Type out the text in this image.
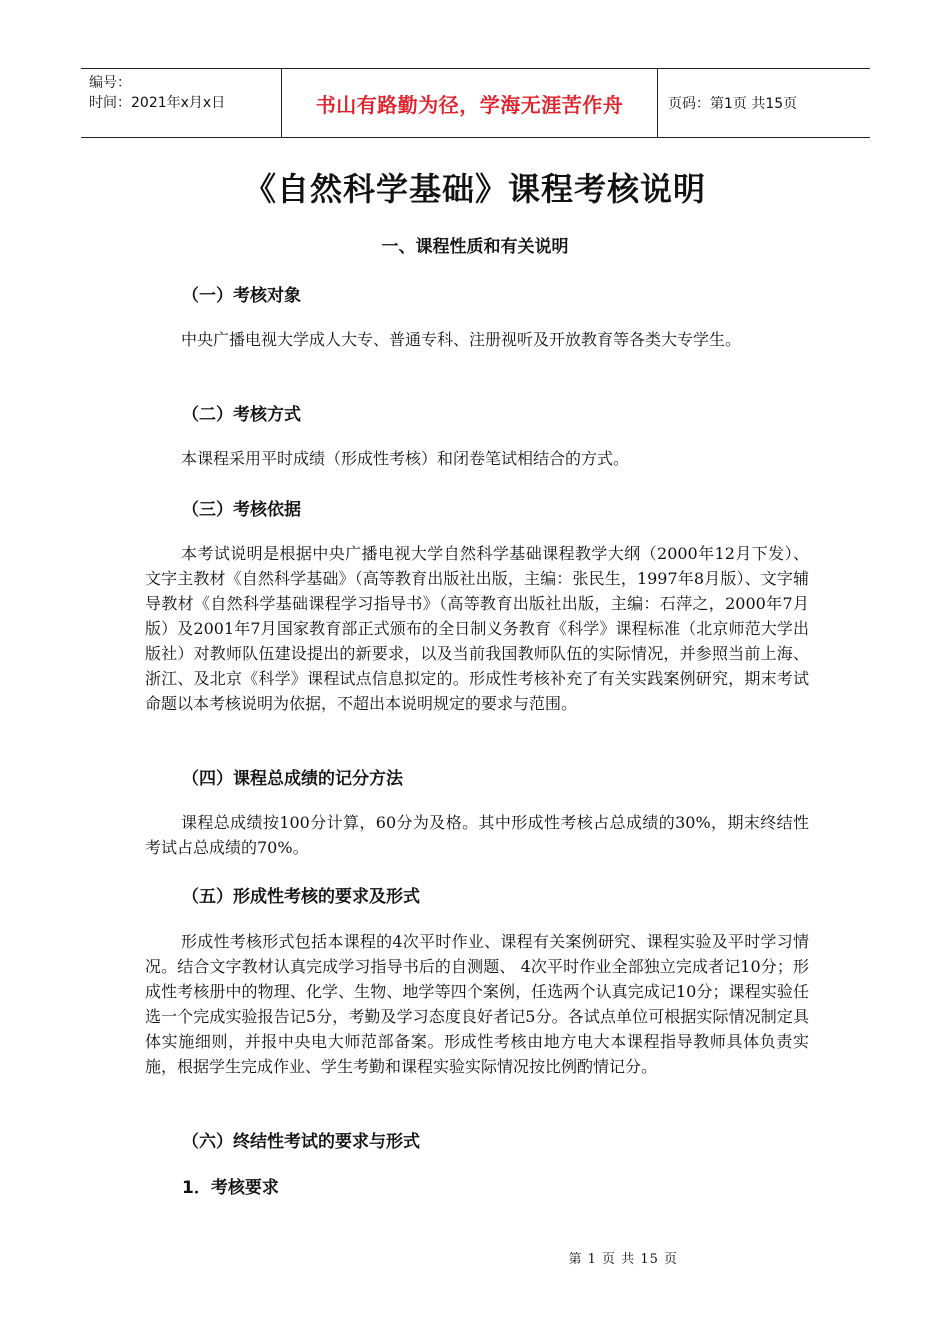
编号：
时间：2021年x月x日	书山有路勤为径，学海无涯苦作舟	页码：第1页 共15页
《自然科学基础》课程考核说明
一、课程性质和有关说明
（一）考核对象
中央广播电视大学成人大专、普通专科、注册视听及开放教育等各类大专学生。
（二）考核方式
本课程采用平时成绩（形成性考核）和闭卷笔试相结合的方式。
（三）考核依据
本考试说明是根据中央广播电视大学自然科学基础课程教学大纲（2000年12月下发）、文字主教材《自然科学基础》（高等教育出版社出版，主编：张民生，1997年8月版）、文字辅导教材《自然科学基础课程学习指导书》（高等教育出版社出版，主编：石萍之，2000年7月版）及2001年7月国家教育部正式颁布的全日制义务教育《科学》课程标准（北京师范大学出版社）对教师队伍建设提出的新要求，以及当前我国教师队伍的实际情况，并参照当前上海、浙江、及北京《科学》课程试点信息拟定的。形成性考核补充了有关实践案例研究，期末考试命题以本考核说明为依据，不超出本说明规定的要求与范围。
（四）课程总成绩的记分方法
课程总成绩按100分计算，60分为及格。其中形成性考核占总成绩的30%，期末终结性考试占总成绩的70%。
（五）形成性考核的要求及形式
形成性考核形式包括本课程的4次平时作业、课程有关案例研究、课程实验及平时学习情况。结合文字教材认真完成学习指导书后的自测题、 4次平时作业全部独立完成者记10分；形成性考核册中的物理、化学、生物、地学等四个案例，任选两个认真完成记10分；课程实验任选一个完成实验报告记5分，考勤及学习态度良好者记5分。各试点单位可根据实际情况制定具体实施细则，并报中央电大师范部备案。形成性考核由地方电大本课程指导教师具体负责实施，根据学生完成作业、学生考勤和课程实验实际情况按比例酌情记分。
（六）终结性考试的要求与形式
1．考核要求
第 1 页 共 15 页
